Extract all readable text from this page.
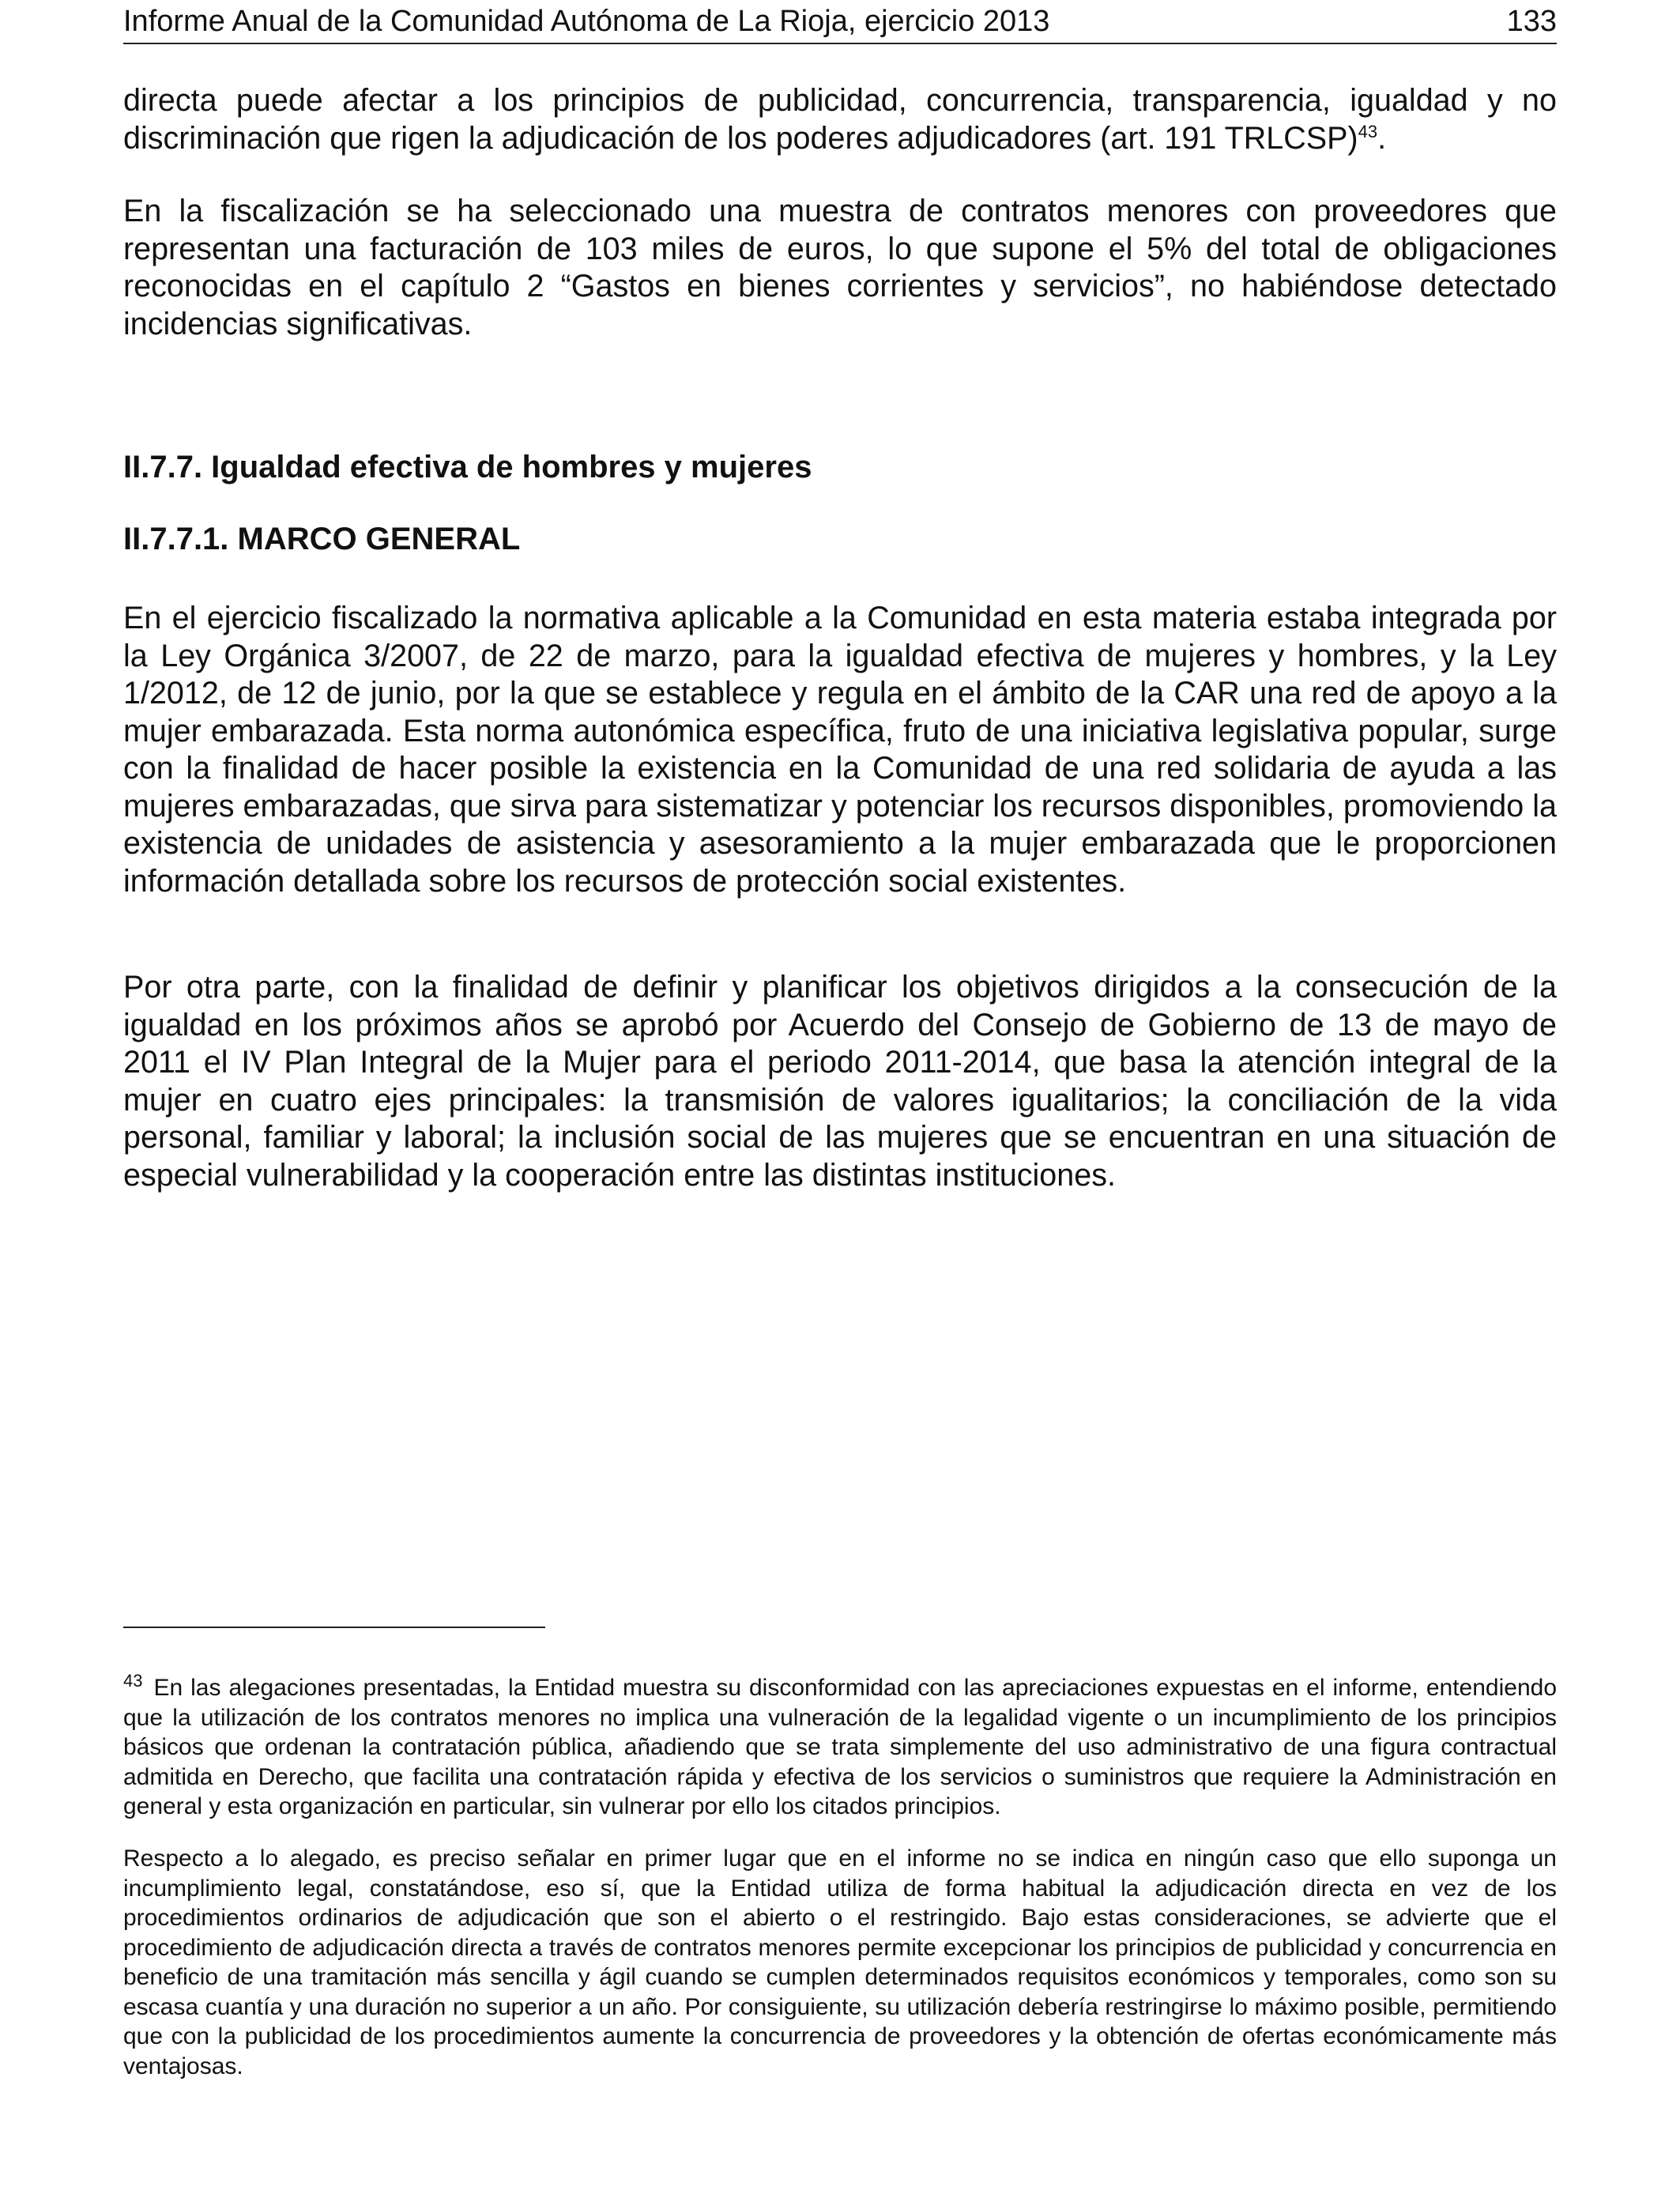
Informe Anual de la Comunidad Autónoma de La Rioja, ejercicio 2013	133

directa puede afectar a los principios de publicidad, concurrencia, transparencia, igualdad y no discriminación que rigen la adjudicación de los poderes adjudicadores (art. 191 TRLCSP)$^{43}$.

En la fiscalización se ha seleccionado una muestra de contratos menores con proveedores que representan una facturación de 103 miles de euros, lo que supone el 5% del total de obligaciones reconocidas en el capítulo 2 “Gastos en bienes corrientes y servicios”, no habiéndose detectado incidencias significativas.

II.7.7. Igualdad efectiva de hombres y mujeres
II.7.7.1. MARCO GENERAL

En el ejercicio fiscalizado la normativa aplicable a la Comunidad en esta materia estaba integrada por la Ley Orgánica 3/2007, de 22 de marzo, para la igualdad efectiva de mujeres y hombres, y la Ley 1/2012, de 12 de junio, por la que se establece y regula en el ámbito de la CAR una red de apoyo a la mujer embarazada. Esta norma autonómica específica, fruto de una iniciativa legislativa popular, surge con la finalidad de hacer posible la existencia en la Comunidad de una red solidaria de ayuda a las mujeres embarazadas, que sirva para sistematizar y potenciar los recursos disponibles, promoviendo la existencia de unidades de asistencia y asesoramiento a la mujer embarazada que le proporcionen información detallada sobre los recursos de protección social existentes.

Por otra parte, con la finalidad de definir y planificar los objetivos dirigidos a la consecución de la igualdad en los próximos años se aprobó por Acuerdo del Consejo de Gobierno de 13 de mayo de 2011 el IV Plan Integral de la Mujer para el periodo 2011-2014, que basa la atención integral de la mujer en cuatro ejes principales: la transmisión de valores igualitarios; la conciliación de la vida personal, familiar y laboral; la inclusión social de las mujeres que se encuentran en una situación de especial vulnerabilidad y la cooperación entre las distintas instituciones.

$^{43}$ En las alegaciones presentadas, la Entidad muestra su disconformidad con las apreciaciones expuestas en el informe, entendiendo que la utilización de los contratos menores no implica una vulneración de la legalidad vigente o un incumplimiento de los principios básicos que ordenan la contratación pública, añadiendo que se trata simplemente del uso administrativo de una figura contractual admitida en Derecho, que facilita una contratación rápida y efectiva de los servicios o suministros que requiere la Administración en general y esta organización en particular, sin vulnerar por ello los citados principios.

Respecto a lo alegado, es preciso señalar en primer lugar que en el informe no se indica en ningún caso que ello suponga un incumplimiento legal, constatándose, eso sí, que la Entidad utiliza de forma habitual la adjudicación directa en vez de los procedimientos ordinarios de adjudicación que son el abierto o el restringido. Bajo estas consideraciones, se advierte que el procedimiento de adjudicación directa a través de contratos menores permite excepcionar los principios de publicidad y concurrencia en beneficio de una tramitación más sencilla y ágil cuando se cumplen determinados requisitos económicos y temporales, como son su escasa cuantía y una duración no superior a un año. Por consiguiente, su utilización debería restringirse lo máximo posible, permitiendo que con la publicidad de los procedimientos aumente la concurrencia de proveedores y la obtención de ofertas económicamente más ventajosas.
